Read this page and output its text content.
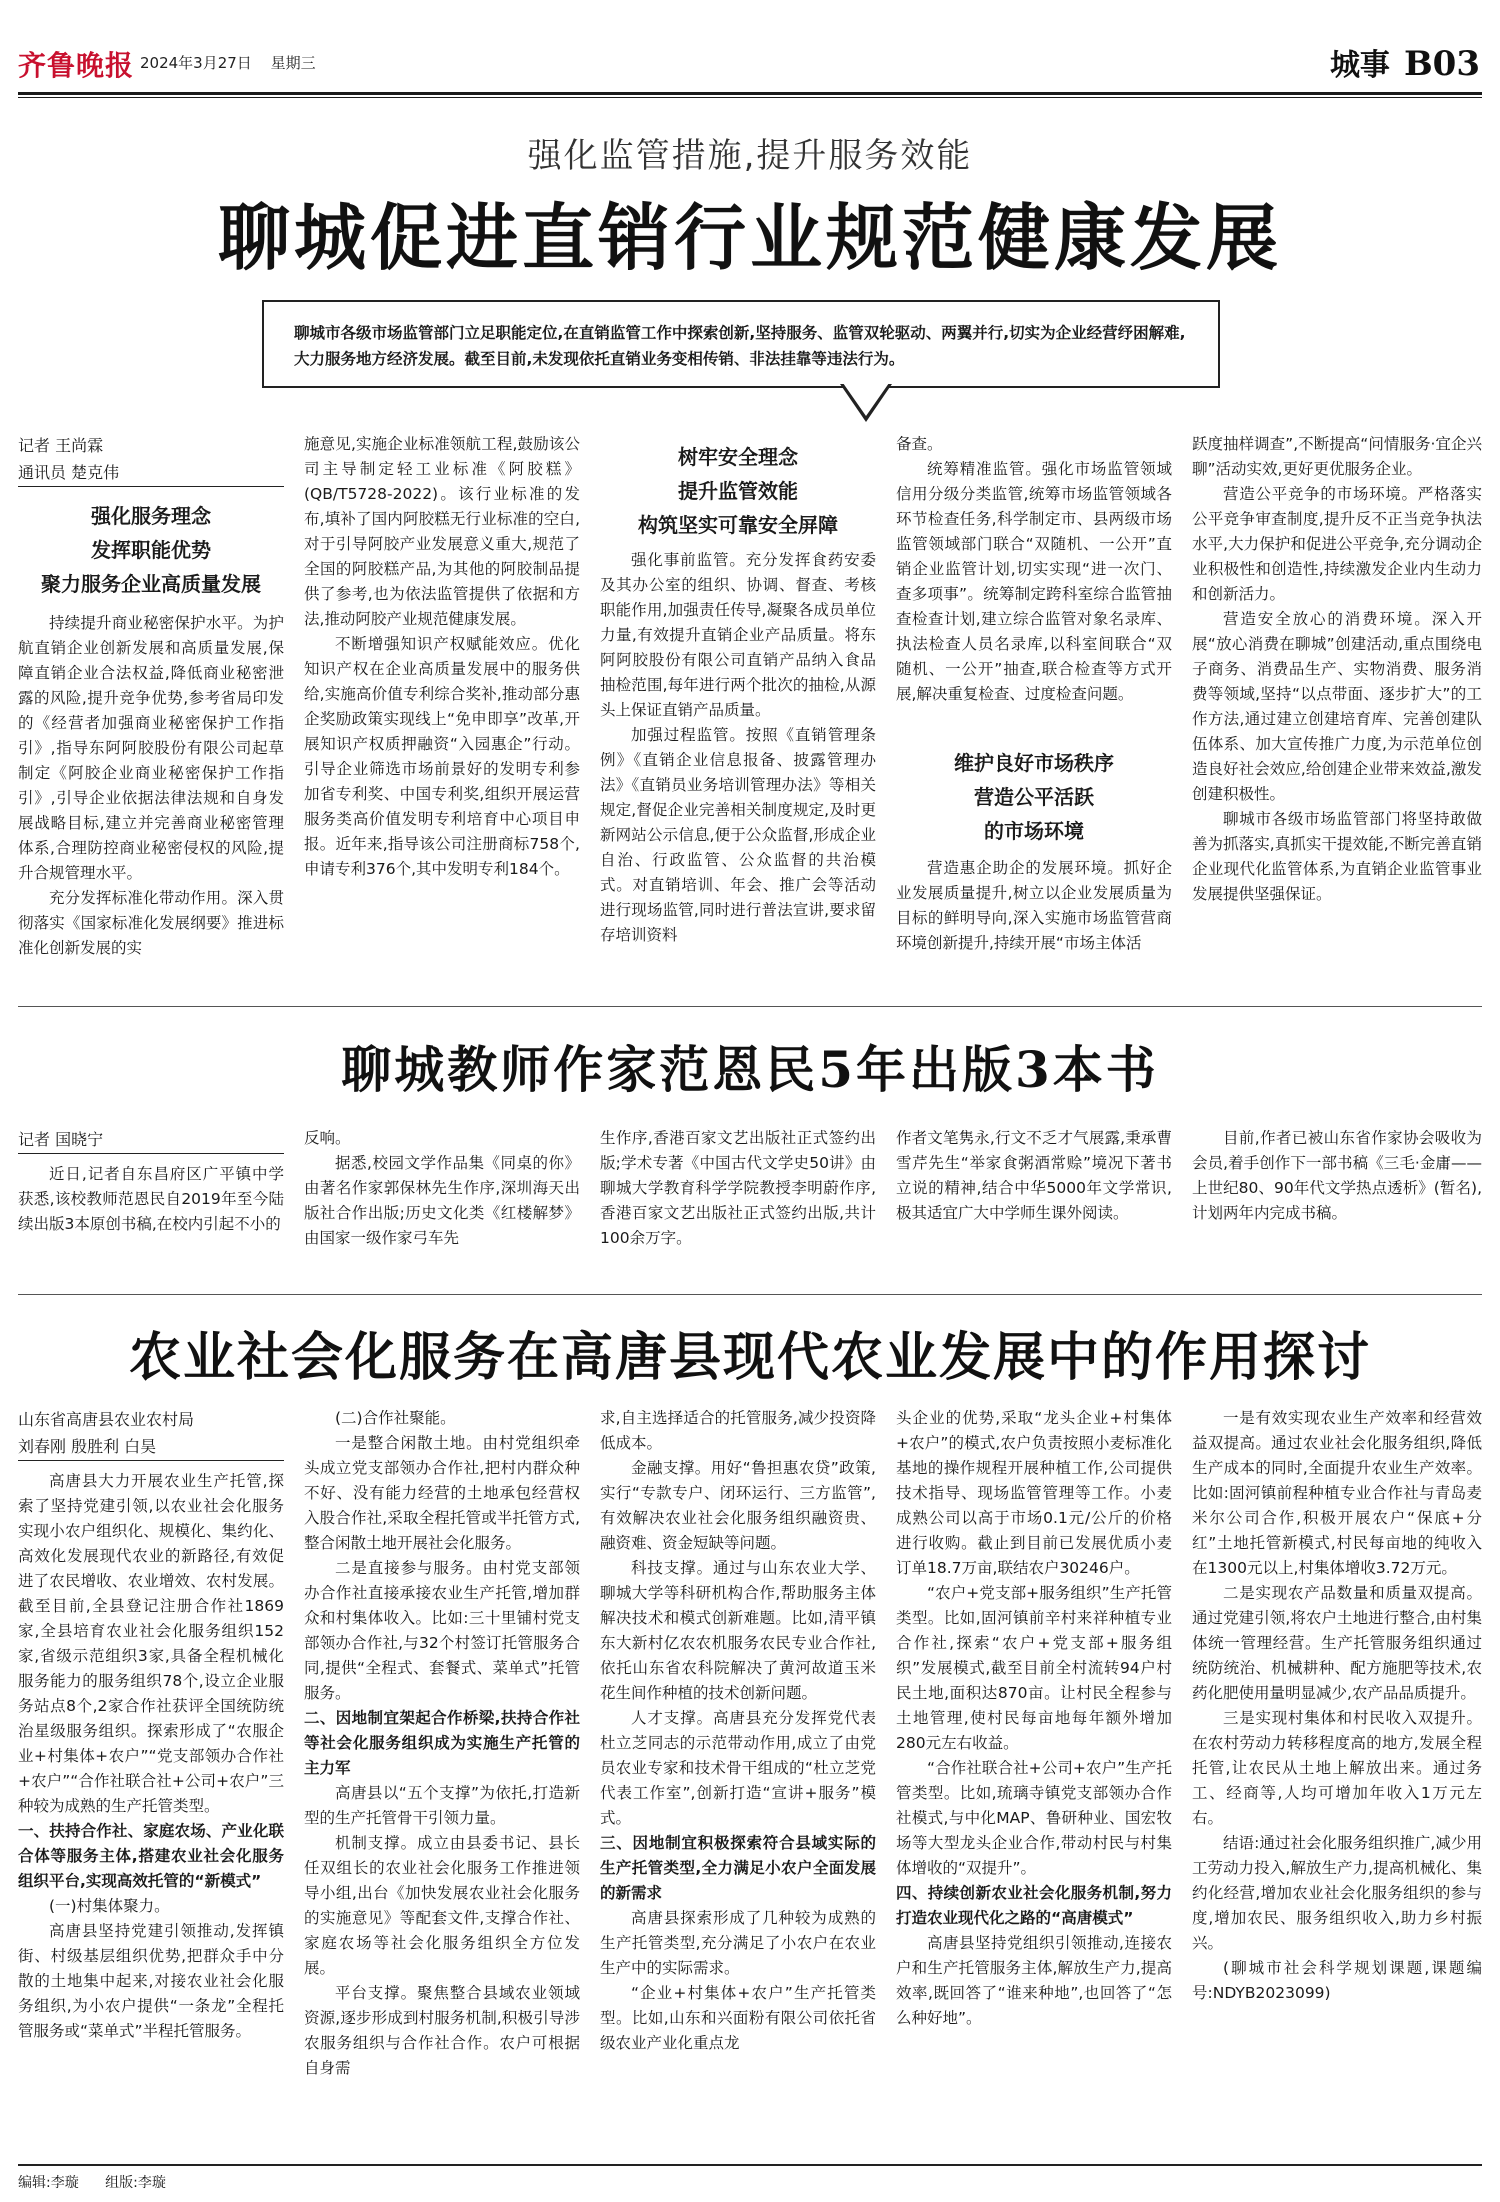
齐鲁晚报 2024年3月27日 星期三	城事 B03
强化监管措施,提升服务效能
聊城促进直销行业规范健康发展
聊城市各级市场监管部门立足职能定位,在直销监管工作中探索创新,坚持服务、监管双轮驱动、两翼并行,切实为企业经营纾困解难,大力服务地方经济发展。截至目前,未发现依托直销业务变相传销、非法挂靠等违法行为。
记者 王尚霖
通讯员 楚克伟
强化服务理念
发挥职能优势
聚力服务企业高质量发展

持续提升商业秘密保护水平。为护航直销企业创新发展和高质量发展,保障直销企业合法权益,降低商业秘密泄露的风险,提升竞争优势,参考省局印发的《经营者加强商业秘密保护工作指引》,指导东阿阿胶股份有限公司起草制定《阿胶企业商业秘密保护工作指引》,引导企业依据法律法规和自身发展战略目标,建立并完善商业秘密管理体系,合理防控商业秘密侵权的风险,提升合规管理水平。

充分发挥标准化带动作用。深入贯彻落实《国家标准化发展纲要》推进标准化创新发展的实

施意见,实施企业标准领航工程,鼓励该公司主导制定轻工业标准《阿胶糕》(QB/T5728-2022)。该行业标准的发布,填补了国内阿胶糕无行业标准的空白,对于引导阿胶产业发展意义重大,规范了全国的阿胶糕产品,为其他的阿胶制品提供了参考,也为依法监管提供了依据和方法,推动阿胶产业规范健康发展。

不断增强知识产权赋能效应。优化知识产权在企业高质量发展中的服务供给,实施高价值专利综合奖补,推动部分惠企奖励政策实现线上“免申即享”改革,开展知识产权质押融资“入园惠企”行动。引导企业筛选市场前景好的发明专利参加省专利奖、中国专利奖,组织开展运营服务类高价值发明专利培育中心项目申报。近年来,指导该公司注册商标758个,申请专利376个,其中发明专利184个。

树牢安全理念
提升监管效能
构筑坚实可靠安全屏障

强化事前监管。充分发挥食药安委及其办公室的组织、协调、督查、考核职能作用,加强责任传导,凝聚各成员单位力量,有效提升直销企业产品质量。将东阿阿胶股份有限公司直销产品纳入食品抽检范围,每年进行两个批次的抽检,从源头上保证直销产品质量。

加强过程监管。按照《直销管理条例》《直销企业信息报备、披露管理办法》《直销员业务培训管理办法》等相关规定,督促企业完善相关制度规定,及时更新网站公示信息,便于公众监督,形成企业自治、行政监管、公众监督的共治模式。对直销培训、年会、推广会等活动进行现场监管,同时进行普法宣讲,要求留存培训资料

备查。

统筹精准监管。强化市场监管领域信用分级分类监管,统筹市场监管领域各环节检查任务,科学制定市、县两级市场监管领域部门联合“双随机、一公开”直销企业监管计划,切实实现“进一次门、查多项事”。统筹制定跨科室综合监管抽查检查计划,建立综合监管对象名录库、执法检查人员名录库,以科室间联合“双随机、一公开”抽查,联合检查等方式开展,解决重复检查、过度检查问题。

维护良好市场秩序
营造公平活跃
的市场环境

营造惠企助企的发展环境。抓好企业发展质量提升,树立以企业发展质量为目标的鲜明导向,深入实施市场监管营商环境创新提升,持续开展“市场主体活

跃度抽样调查”,不断提高“问情服务·宜企兴聊”活动实效,更好更优服务企业。

营造公平竞争的市场环境。严格落实公平竞争审查制度,提升反不正当竞争执法水平,大力保护和促进公平竞争,充分调动企业积极性和创造性,持续激发企业内生动力和创新活力。

营造安全放心的消费环境。深入开展“放心消费在聊城”创建活动,重点围绕电子商务、消费品生产、实物消费、服务消费等领域,坚持“以点带面、逐步扩大”的工作方法,通过建立创建培育库、完善创建队伍体系、加大宣传推广力度,为示范单位创造良好社会效应,给创建企业带来效益,激发创建积极性。

聊城市各级市场监管部门将坚持敢做善为抓落实,真抓实干提效能,不断完善直销企业现代化监管体系,为直销企业监管事业发展提供坚强保证。

聊城教师作家范恩民5年出版3本书
记者 国晓宁

近日,记者自东昌府区广平镇中学获悉,该校教师范恩民自2019年至今陆续出版3本原创书稿,在校内引起不小的

反响。

据悉,校园文学作品集《同桌的你》由著名作家郭保林先生作序,深圳海天出版社合作出版;历史文化类《红楼解梦》由国家一级作家弓车先

生作序,香港百家文艺出版社正式签约出版;学术专著《中国古代文学史50讲》由聊城大学教育科学学院教授李明蔚作序,香港百家文艺出版社正式签约出版,共计100余万字。

作者文笔隽永,行文不乏才气展露,秉承曹雪芹先生“举家食粥酒常赊”境况下著书立说的精神,结合中华5000年文学常识,极其适宜广大中学师生课外阅读。

目前,作者已被山东省作家协会吸收为会员,着手创作下一部书稿《三毛·金庸——上世纪80、90年代文学热点透析》(暂名),计划两年内完成书稿。

农业社会化服务在高唐县现代农业发展中的作用探讨
山东省高唐县农业农村局
刘春刚 殷胜利 白昊

高唐县大力开展农业生产托管,探索了坚持党建引领,以农业社会化服务实现小农户组织化、规模化、集约化、高效化发展现代农业的新路径,有效促进了农民增收、农业增效、农村发展。截至目前,全县登记注册合作社1869家,全县培育农业社会化服务组织152家,省级示范组织3家,具备全程机械化服务能力的服务组织78个,设立企业服务站点8个,2家合作社获评全国统防统治星级服务组织。探索形成了“农服企业+村集体+农户”“党支部领办合作社+农户”“合作社联合社+公司+农户”三种较为成熟的生产托管类型。

一、扶持合作社、家庭农场、产业化联合体等服务主体,搭建农业社会化服务组织平台,实现高效托管的“新模式”

(一)村集体聚力。

高唐县坚持党建引领推动,发挥镇街、村级基层组织优势,把群众手中分散的土地集中起来,对接农业社会化服务组织,为小农户提供“一条龙”全程托管服务或“菜单式”半程托管服务。

(二)合作社聚能。

一是整合闲散土地。由村党组织牵头成立党支部领办合作社,把村内群众种不好、没有能力经营的土地承包经营权入股合作社,采取全程托管或半托管方式,整合闲散土地开展社会化服务。

二是直接参与服务。由村党支部领办合作社直接承接农业生产托管,增加群众和村集体收入。比如:三十里铺村党支部领办合作社,与32个村签订托管服务合同,提供“全程式、套餐式、菜单式”托管服务。

二、因地制宜架起合作桥梁,扶持合作社等社会化服务组织成为实施生产托管的主力军

高唐县以“五个支撑”为依托,打造新型的生产托管骨干引领力量。

机制支撑。成立由县委书记、县长任双组长的农业社会化服务工作推进领导小组,出台《加快发展农业社会化服务的实施意见》等配套文件,支撑合作社、家庭农场等社会化服务组织全方位发展。

平台支撑。聚焦整合县域农业领域资源,逐步形成到村服务机制,积极引导涉农服务组织与合作社合作。农户可根据自身需

求,自主选择适合的托管服务,减少投资降低成本。

金融支撑。用好“鲁担惠农贷”政策,实行“专款专户、闭环运行、三方监管”,有效解决农业社会化服务组织融资贵、融资难、资金短缺等问题。

科技支撑。通过与山东农业大学、聊城大学等科研机构合作,帮助服务主体解决技术和模式创新难题。比如,清平镇东大新村亿农农机服务农民专业合作社,依托山东省农科院解决了黄河故道玉米花生间作种植的技术创新问题。

人才支撑。高唐县充分发挥党代表杜立芝同志的示范带动作用,成立了由党员农业专家和技术骨干组成的“杜立芝党代表工作室”,创新打造“宣讲+服务”模式。

三、因地制宜积极探索符合县域实际的生产托管类型,全力满足小农户全面发展的新需求

高唐县探索形成了几种较为成熟的生产托管类型,充分满足了小农户在农业生产中的实际需求。

“企业+村集体+农户”生产托管类型。比如,山东和兴面粉有限公司依托省级农业产业化重点龙

头企业的优势,采取“龙头企业+村集体+农户”的模式,农户负责按照小麦标准化基地的操作规程开展种植工作,公司提供技术指导、现场监管管理等工作。小麦成熟公司以高于市场0.1元/公斤的价格进行收购。截止到目前已发展优质小麦订单18.7万亩,联结农户30246户。

“农户+党支部+服务组织”生产托管类型。比如,固河镇前辛村来祥种植专业合作社,探索“农户+党支部+服务组织”发展模式,截至目前全村流转94户村民土地,面积达870亩。让村民全程参与土地管理,使村民每亩地每年额外增加280元左右收益。

“合作社联合社+公司+农户”生产托管类型。比如,琉璃寺镇党支部领办合作社模式,与中化MAP、鲁研种业、国宏牧场等大型龙头企业合作,带动村民与村集体增收的“双提升”。

四、持续创新农业社会化服务机制,努力打造农业现代化之路的“高唐模式”

高唐县坚持党组织引领推动,连接农户和生产托管服务主体,解放生产力,提高效率,既回答了“谁来种地”,也回答了“怎么种好地”。

一是有效实现农业生产效率和经营效益双提高。通过农业社会化服务组织,降低生产成本的同时,全面提升农业生产效率。比如:固河镇前程种植专业合作社与青岛麦米尔公司合作,积极开展农户“保底+分红”土地托管新模式,村民每亩地的纯收入在1300元以上,村集体增收3.72万元。

二是实现农产品数量和质量双提高。通过党建引领,将农户土地进行整合,由村集体统一管理经营。生产托管服务组织通过统防统治、机械耕种、配方施肥等技术,农药化肥使用量明显减少,农产品品质提升。

三是实现村集体和村民收入双提升。在农村劳动力转移程度高的地方,发展全程托管,让农民从土地上解放出来。通过务工、经商等,人均可增加年收入1万元左右。

结语:通过社会化服务组织推广,减少用工劳动力投入,解放生产力,提高机械化、集约化经营,增加农业社会化服务组织的参与度,增加农民、服务组织收入,助力乡村振兴。

(聊城市社会科学规划课题,课题编号:NDYB2023099)

编辑:李璇 组版:李璇
